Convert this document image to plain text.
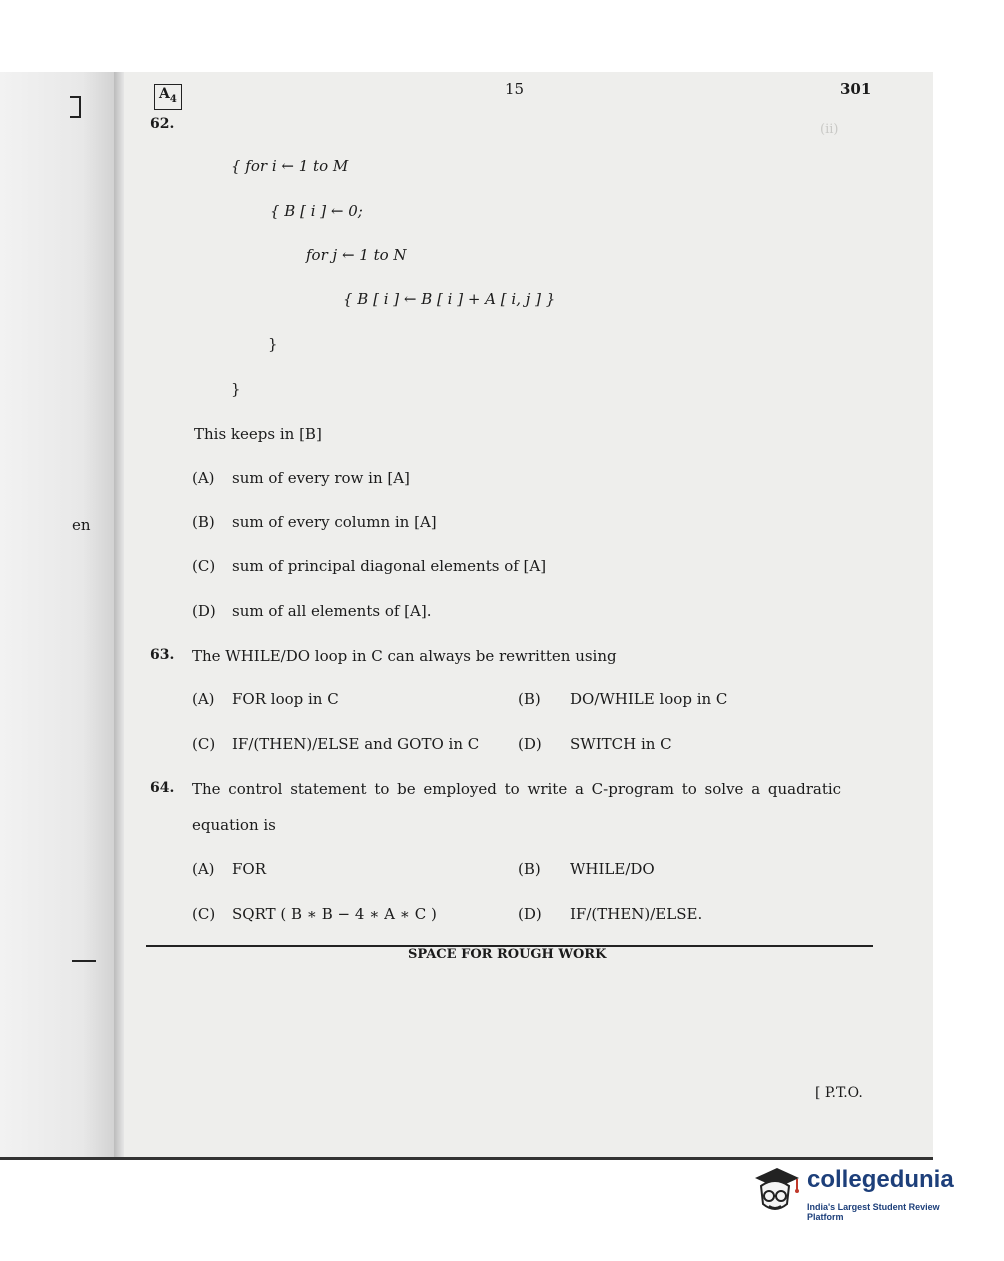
en
(ii)
$A_4$
15	301
62.
{ for i ← 1 to M
{ B [ i ] ← 0;
for j ← 1 to N
{ B [ i ] ← B [ i ] + A [ i, j ] }
}
}
This keeps in [B]
(A) sum of every row in [A]
(B) sum of every column in [A]
(C) sum of principal diagonal elements of [A]
(D) sum of all elements of [A].
63. The WHILE/DO loop in C can always be rewritten using
(A) FOR loop in C	(B) DO/WHILE loop in C
(C) IF/(THEN)/ELSE and GOTO in C	(D) SWITCH in C
64. The control statement to be employed to write a C-program to solve a quadratic
equation is
(A) FOR	(B) WHILE/DO
(C) SQRT ( B ∗ B − 4 ∗ A ∗ C )	(D) IF/(THEN)/ELSE.
SPACE FOR ROUGH WORK
[ P.T.O.
collegedunia
India's Largest Student Review Platform
